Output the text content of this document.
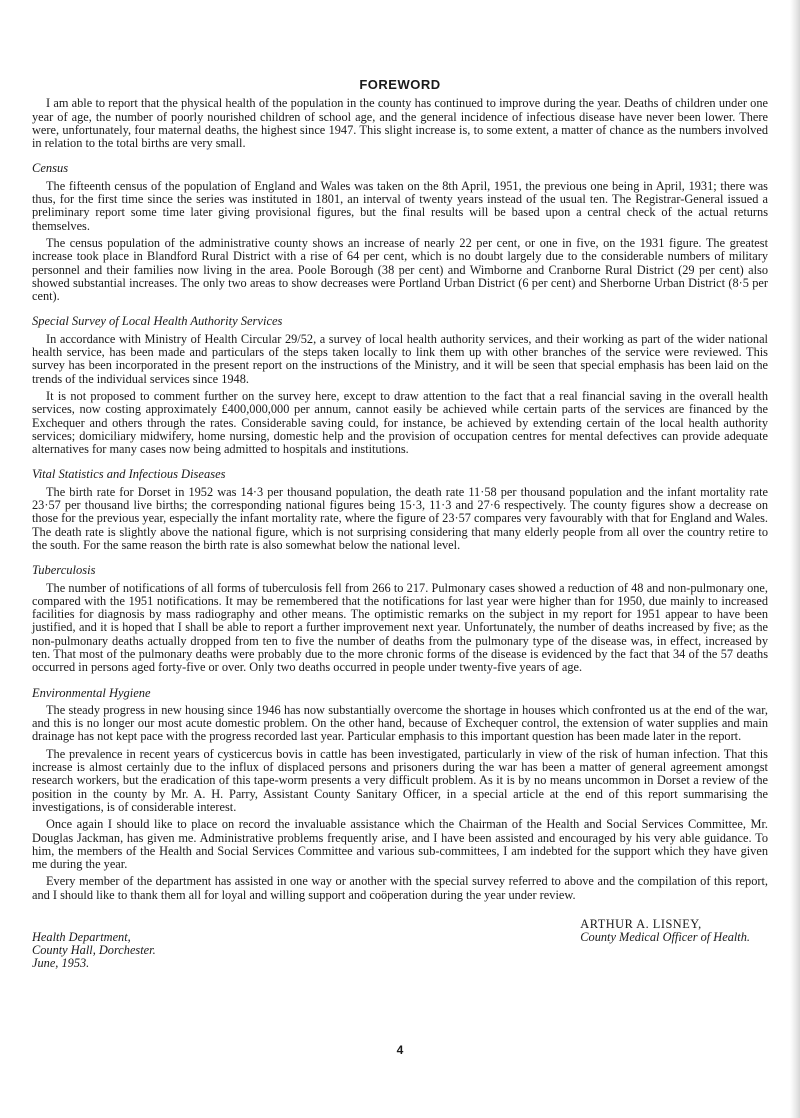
FOREWORD

I am able to report that the physical health of the population in the county has continued to improve during the year. Deaths of children under one year of age, the number of poorly nourished children of school age, and the general incidence of infectious disease have never been lower. There were, unfortunately, four maternal deaths, the highest since 1947. This slight increase is, to some extent, a matter of chance as the numbers involved in relation to the total births are very small.

Census

The fifteenth census of the population of England and Wales was taken on the 8th April, 1951, the previous one being in April, 1931; there was thus, for the first time since the series was instituted in 1801, an interval of twenty years instead of the usual ten. The Registrar-General issued a preliminary report some time later giving provisional figures, but the final results will be based upon a central check of the actual returns themselves.

The census population of the administrative county shows an increase of nearly 22 per cent, or one in five, on the 1931 figure. The greatest increase took place in Blandford Rural District with a rise of 64 per cent, which is no doubt largely due to the considerable numbers of military personnel and their families now living in the area. Poole Borough (38 per cent) and Wimborne and Cranborne Rural District (29 per cent) also showed substantial increases. The only two areas to show decreases were Portland Urban District (6 per cent) and Sherborne Urban District (8·5 per cent).

Special Survey of Local Health Authority Services

In accordance with Ministry of Health Circular 29/52, a survey of local health authority services, and their working as part of the wider national health service, has been made and particulars of the steps taken locally to link them up with other branches of the service were reviewed. This survey has been incorporated in the present report on the instructions of the Ministry, and it will be seen that special emphasis has been laid on the trends of the individual services since 1948.

It is not proposed to comment further on the survey here, except to draw attention to the fact that a real financial saving in the overall health services, now costing approximately £400,000,000 per annum, cannot easily be achieved while certain parts of the services are financed by the Exchequer and others through the rates. Considerable saving could, for instance, be achieved by extending certain of the local health authority services; domiciliary midwifery, home nursing, domestic help and the provision of occupation centres for mental defectives can provide adequate alternatives for many cases now being admitted to hospitals and institutions.

Vital Statistics and Infectious Diseases

The birth rate for Dorset in 1952 was 14·3 per thousand population, the death rate 11·58 per thousand population and the infant mortality rate 23·57 per thousand live births; the corresponding national figures being 15·3, 11·3 and 27·6 respectively. The county figures show a decrease on those for the previous year, especially the infant mortality rate, where the figure of 23·57 compares very favourably with that for England and Wales. The death rate is slightly above the national figure, which is not surprising considering that many elderly people from all over the country retire to the south. For the same reason the birth rate is also somewhat below the national level.

Tuberculosis

The number of notifications of all forms of tuberculosis fell from 266 to 217. Pulmonary cases showed a reduction of 48 and non-pulmonary one, compared with the 1951 notifications. It may be remembered that the notifications for last year were higher than for 1950, due mainly to increased facilities for diagnosis by mass radiography and other means. The optimistic remarks on the subject in my report for 1951 appear to have been justified, and it is hoped that I shall be able to report a further improvement next year. Unfortunately, the number of deaths increased by five; as the non-pulmonary deaths actually dropped from ten to five the number of deaths from the pulmonary type of the disease was, in effect, increased by ten. That most of the pulmonary deaths were probably due to the more chronic forms of the disease is evidenced by the fact that 34 of the 57 deaths occurred in persons aged forty-five or over. Only two deaths occurred in people under twenty-five years of age.

Environmental Hygiene

The steady progress in new housing since 1946 has now substantially overcome the shortage in houses which confronted us at the end of the war, and this is no longer our most acute domestic problem. On the other hand, because of Exchequer control, the extension of water supplies and main drainage has not kept pace with the progress recorded last year. Particular emphasis to this important question has been made later in the report.

The prevalence in recent years of cysticercus bovis in cattle has been investigated, particularly in view of the risk of human infection. That this increase is almost certainly due to the influx of displaced persons and prisoners during the war has been a matter of general agreement amongst research workers, but the eradication of this tape-worm presents a very difficult problem. As it is by no means uncommon in Dorset a review of the position in the county by Mr. A. H. Parry, Assistant County Sanitary Officer, in a special article at the end of this report summarising the investigations, is of considerable interest.

Once again I should like to place on record the invaluable assistance which the Chairman of the Health and Social Services Committee, Mr. Douglas Jackman, has given me. Administrative problems frequently arise, and I have been assisted and encouraged by his very able guidance. To him, the members of the Health and Social Services Committee and various sub-committees, I am indebted for the support which they have given me during the year.

Every member of the department has assisted in one way or another with the special survey referred to above and the compilation of this report, and I should like to thank them all for loyal and willing support and coöperation during the year under review.

Health Department,
County Hall, Dorchester.
June, 1953.
ARTHUR A. LISNEY,
County Medical Officer of Health.
4
